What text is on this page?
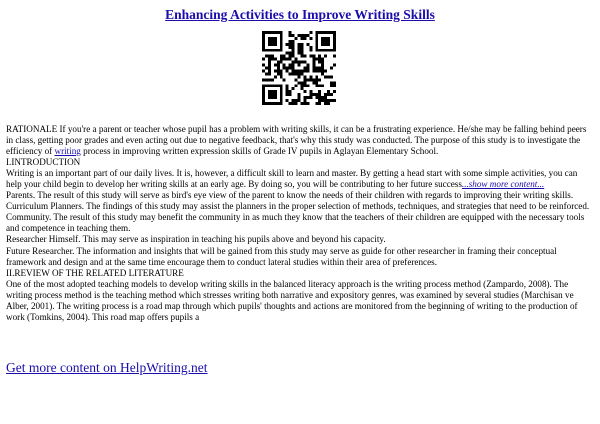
Enhancing Activities to Improve Writing Skills

RATIONALE If you're a parent or teacher whose pupil has a problem with writing skills, it can be a frustrating experience. He/she may be falling behind peers in class, getting poor grades and even acting out due to negative feedback, that's why this study was conducted. The purpose of this study is to investigate the efficiency of writing process in improving written expression skills of Grade IV pupils in Aglayan Elementary School.

I.INTRODUCTION

Writing is an important part of our daily lives. It is, however, a difficult skill to learn and master. By getting a head start with some simple activities, you can help your child begin to develop her writing skills at an early age. By doing so, you will be contributing to her future success...show more content...

Parents. The result of this study will serve as bird's eye view of the parent to know the needs of their children with regards to improving their writing skills. Curriculum Planners. The findings of this study may assist the planners in the proper selection of methods, techniques, and strategies that need to be reinforced.

Community. The result of this study may benefit the community in as much they know that the teachers of their children are equipped with the necessary tools and competence in teaching them.

Researcher Himself. This may serve as inspiration in teaching his pupils above and beyond his capacity.

Future Researcher. The information and insights that will be gained from this study may serve as guide for other researcher in framing their conceptual framework and design and at the same time encourage them to conduct lateral studies within their area of preferences.

II.REVIEW OF THE RELATED LITERATURE

One of the most adopted teaching models to develop writing skills in the balanced literacy approach is the writing process method (Zampardo, 2008). The writing process method is the teaching method which stresses writing both narrative and expository genres, was examined by several studies (Marchisan ve Alber, 2001). The writing process is a road map through which pupils' thoughts and actions are monitored from the beginning of writing to the production of work (Tomkins, 2004). This road map offers pupils a

Get more content on HelpWriting.net
